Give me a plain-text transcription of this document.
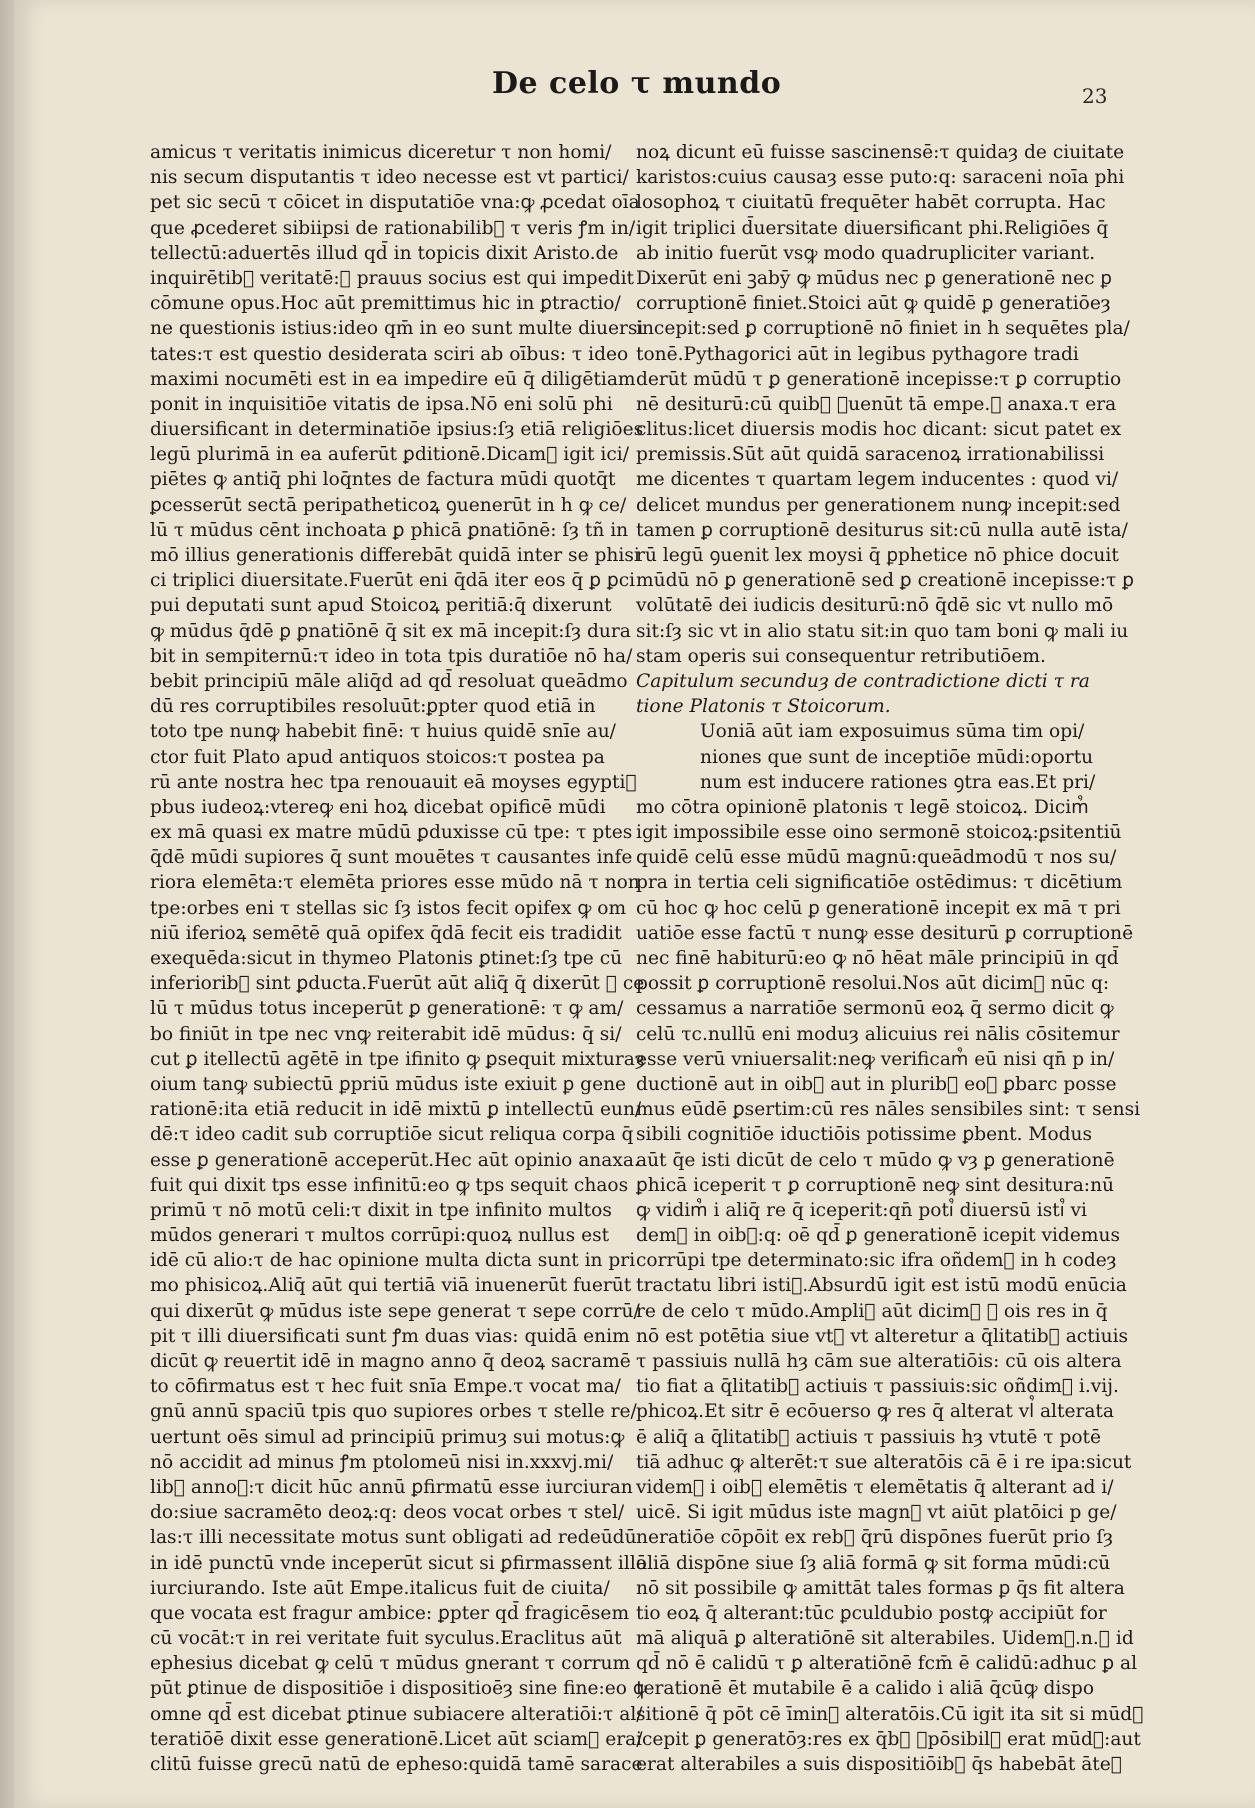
De celo τ mundo	23
amicus τ veritatis inimicus diceretur τ non homi/
nis secum disputantis τ ideo necesse est vt partici/
pet sic secū τ cōicet in disputatiōe vna:ꝙ ꝓcedat oīa
que ꝓcederet sibiipsi de rationabilib᷒ τ veris ꝭm in/
tellectū:aduertēs illud qd̄ in topicis dixit Aristo.de
inquirētib᷒ veritatē:ꝙ prauus socius est qui impedit
cōmune opus.Hoc aūt premittimus hic in ꝑtractio/
ne questionis istius:ideo qm̄ in eo sunt multe diuersi
tates:τ est questio desiderata sciri ab oībus: τ ideo
maximi nocumēti est in ea impedire eū q̄ diligētiam
ponit in inquisitiōe vitatis de ipsa.Nō eni solū phi
diuersificant in determinatiōe ipsius:ſȝ etiā religiōes
legū plurimā in ea auferūt ꝑditionē.Dicam᷒ igit ici/
piētes ꝙ antiq̄ phi loq̄ntes de factura mūdi quotq̄t
ꝑcesserūt sectā peripatheticoꝝ ꝯuenerūt in h ꝙ ce/
lū τ mūdus cēnt inchoata ꝑ phicā ꝑnatiōnē: ſȝ tñ in
mō illius generationis differebāt quidā inter se phisi
ci triplici diuersitate.Fuerūt eni q̄dā iter eos q̄ ꝑ ꝑci
pui deputati sunt apud Stoicoꝝ peritiā:q̄ dixerunt
ꝙ mūdus q̄dē ꝑ ꝑnatiōnē q̄ sit ex mā incepit:ſȝ dura
bit in sempiternū:τ ideo in tota tpis duratiōe nō ha/
bebit principiū māle aliq̄d ad qd̄ resoluat queādmo
dū res corruptibiles resoluūt:ꝑpter quod etiā in
toto tpe nunꝙ habebit finē: τ huius quidē snīe au/
ctor fuit Plato apud antiquos stoicos:τ postea pa
rū ante nostra hec tpa renouauit eā moyses egypti᷒
pbus iudeoꝝ:vtereꝙ eni hoꝝ dicebat opificē mūdi
ex mā quasi ex matre mūdū ꝑduxisse cū tpe: τ ptes
q̄dē mūdi supiores q̄ sunt mouētes τ causantes infe
riora elemēta:τ elemēta priores esse mūdo nā τ non
tpe:orbes eni τ stellas sic ſȝ istos fecit opifex ꝙ om
niū iferioꝝ semētē quā opifex q̄dā fecit eis tradidit
exequēda:sicut in thymeo Platonis ꝑtinet:ſȝ tpe cū
inferiorib᷒ sint ꝑducta.Fuerūt aūt aliq̄ q̄ dixerūt ꝙ ce
lū τ mūdus totus inceperūt ꝑ generationē: τ ꝙ am/
bo finiūt in tpe nec vnꝙ reiterabit idē mūdus: q̄ si/
cut ꝑ itellectū agētē in tpe ifinito ꝙ ꝑsequit mixturaȝ
oium tanꝙ subiectū ꝑpriū mūdus iste exiuit ꝑ gene
rationē:ita etiā reducit in idē mixtū ꝑ intellectū eun/
dē:τ ideo cadit sub corruptiōe sicut reliqua corpa q̄
esse ꝑ generationē acceperūt.Hec aūt opinio anaxa.
fuit qui dixit tps esse infinitū:eo ꝙ tps sequit chaos
primū τ nō motū celi:τ dixit in tpe infinito multos
mūdos generari τ multos corrūpi:quoꝝ nullus est
idē cū alio:τ de hac opinione multa dicta sunt in pri
mo phisicoꝝ.Aliq̄ aūt qui tertiā viā inuenerūt fuerūt
qui dixerūt ꝙ mūdus iste sepe generat τ sepe corrū/
pit τ illi diuersificati sunt ꝭm duas vias: quidā enim
dicūt ꝙ reuertit idē in magno anno q̄ deoꝝ sacramē
to cōfirmatus est τ hec fuit snīa Empe.τ vocat ma/
gnū annū spaciū tpis quo supiores orbes τ stelle re/
uertunt oēs simul ad principiū primuȝ sui motus:ꝙ
nō accidit ad minus ꝭm ptolomeū nisi in.xxxvj.mi/
lib᷒ annoꝝ:τ dicit hūc annū ꝑfirmatū esse iurciuran
do:siue sacramēto deoꝝ:q: deos vocat orbes τ stel/
las:τ illi necessitate motus sunt obligati ad redeūdū
in idē punctū vnde inceperūt sicut si ꝑfirmassent illō
iurciurando. Iste aūt Empe.italicus fuit de ciuita/
que vocata est fragur ambice: ꝑpter qd̄ fragicēsem
cū vocāt:τ in rei veritate fuit syculus.Eraclitus aūt
ephesius dicebat ꝙ celū τ mūdus gnerant τ corrum
pūt ꝑtinue de dispositiōe i dispositioēȝ sine fine:eo ꝙ
omne qd̄ est dicebat ꝑtinue subiacere alteratiōi:τ al/
teratiōē dixit esse generationē.Licet aūt sciam᷒ era/
clitū fuisse grecū natū de epheso:quidā tamē sarace
noꝝ dicunt eū fuisse sascinensē:τ quidaȝ de ciuitate
karistos:cuius causaȝ esse puto:q: saraceni noīa phi
losophoꝝ τ ciuitatū frequēter habēt corrupta. Hac
igit triplici d̄uersitate diuersificant phi.Religiōes q̄
ab initio fuerūt vsꝙ modo quadrupliciter variant.
Dixerūt eni ꝫabȳ ꝙ mūdus nec ꝑ generationē nec ꝑ
corruptionē finiet.Stoici aūt ꝙ quidē ꝑ generatiōeȝ
incepit:sed ꝑ corruptionē nō finiet in h sequētes pla/
tonē.Pythagorici aūt in legibus pythagore tradi
derūt mūdū τ ꝑ generationē incepisse:τ ꝑ corruptio
nē desiturū:cū quib᷒ ꝯuenūt tā empe.ꝙ anaxa.τ era
clitus:licet diuersis modis hoc dicant: sicut patet ex
premissis.Sūt aūt quidā saracenoꝝ irrationabilissi
me dicentes τ quartam legem inducentes : quod vi/
delicet mundus per generationem nunꝙ incepit:sed
tamen ꝑ corruptionē desiturus sit:cū nulla autē ista/
rū legū ꝯuenit lex moysi q̄ ꝑphetice nō phice docuit
mūdū nō ꝑ generationē sed ꝑ creationē incepisse:τ ꝑ
volūtatē dei iudicis desiturū:nō q̄dē sic vt nullo mō
sit:ſȝ sic vt in alio statu sit:in quo tam boni ꝙ mali iu
stam operis sui consequentur retributiōem.
Capitulum secunduȝ de contradictione dicti τ ra
tione Platonis τ Stoicorum.
Uoniā aūt iam exposuimus sūma tim opi/
niones que sunt de inceptiōe mūdi:oportu
num est inducere rationes ꝯtra eas.Et pri/
mo cōtra opinionē platonis τ legē stoicoꝝ. Dicim᷒
igit impossibile esse oino sermonē stoicoꝝ:ꝑsitentiū
quidē celū esse mūdū magnū:queādmodū τ nos su/
pra in tertia celi significatiōe ostēdimus: τ dicētium
cū hoc ꝙ hoc celū ꝑ generationē incepit ex mā τ pri
uatiōe esse factū τ nunꝙ esse desiturū ꝑ corruptionē
nec finē habiturū:eo ꝙ nō hēat māle principiū in qd̄
possit ꝑ corruptionē resolui.Nos aūt dicim᷒ nūc q:
cessamus a narratiōe sermonū eoꝝ q̄ sermo dicit ꝙ
celū τc.nullū eni moduȝ alicuius rei nālis cōsitemur
esse verū vniuersalit:neꝙ verificam᷒ eū nisi qn̄ p in/
ductionē aut in oib᷒ aut in plurib᷒ eoꝝ ꝑbarc posse
mus eūdē ꝑsertim:cū res nāles sensibiles sint: τ sensi
sibili cognitiōe iductiōis potissime ꝑbent. Modus
aūt q̄e isti dicūt de celo τ mūdo ꝙ vȝ ꝑ generationē
ꝑhicā iceperit τ ꝑ corruptionē neꝙ sint desitura:nū
ꝙ vidim᷒ i aliq̄ re q̄ iceperit:qn̄ poti᷒ diuersū isti᷒ vi
dem᷒ in oib᷒:q: oē qd̄ ꝑ generationē icepit videmus
corrūpi tpe determinato:sic ifra oñdem᷒ in h codeȝ
tractatu libri isti᷒.Absurdū igit est istū modū enūcia
re de celo τ mūdo.Ampli᷒ aūt dicim᷒ ꝙ ois res in q̄
nō est potētia siue vt᷒ vt alteretur a q̄litatib᷒ actiuis
τ passiuis nullā hȝ cām sue alteratiōis: cū ois altera
tio fiat a q̄litatib᷒ actiuis τ passiuis:sic oñdim᷒ i.vij.
phicoꝝ.Et sitr ē ecōuerso ꝙ res q̄ alterat vl᷒ alterata
ē aliq̄ a q̄litatib᷒ actiuis τ passiuis hȝ vtutē τ potē
tiā adhuc ꝙ alterēt:τ sue alteratōis cā ē i re ipa:sicut
videm᷒ i oib᷒ elemētis τ elemētatis q̄ alterant ad i/
uicē. Si igit mūdus iste magn᷒ vt aiūt platōici p ge/
neratiōe cōpōit ex reb᷒ q̄rū dispōnes fuerūt prio ſȝ
aliā dispōne siue ſȝ aliā formā ꝙ sit forma mūdi:cū
nō sit possibile ꝙ amittāt tales formas ꝑ q̄s fit altera
tio eoꝝ q̄ alterant:tūc ꝑculdubio postꝙ accipiūt for
mā aliquā ꝑ alteratiōnē sit alterabiles. Uidem᷒.n.ꝙ id
qd̄ nō ē calidū τ ꝑ alteratiōnē fcm̄ ē calidū:adhuc ꝑ al
terationē ēt mutabile ē a calido i aliā q̄cūꝙ dispo
sitionē q̄ pōt cē īmin᷒ alteratōis.Cū igit ita sit si mūd᷒
icepit ꝑ generatōȝ:res ex q̄b᷒ ꝯpōsibil᷒ erat mūd᷒:aut
erat alterabiles a suis dispositiōib᷒ q̄s habebāt āteꝙ
